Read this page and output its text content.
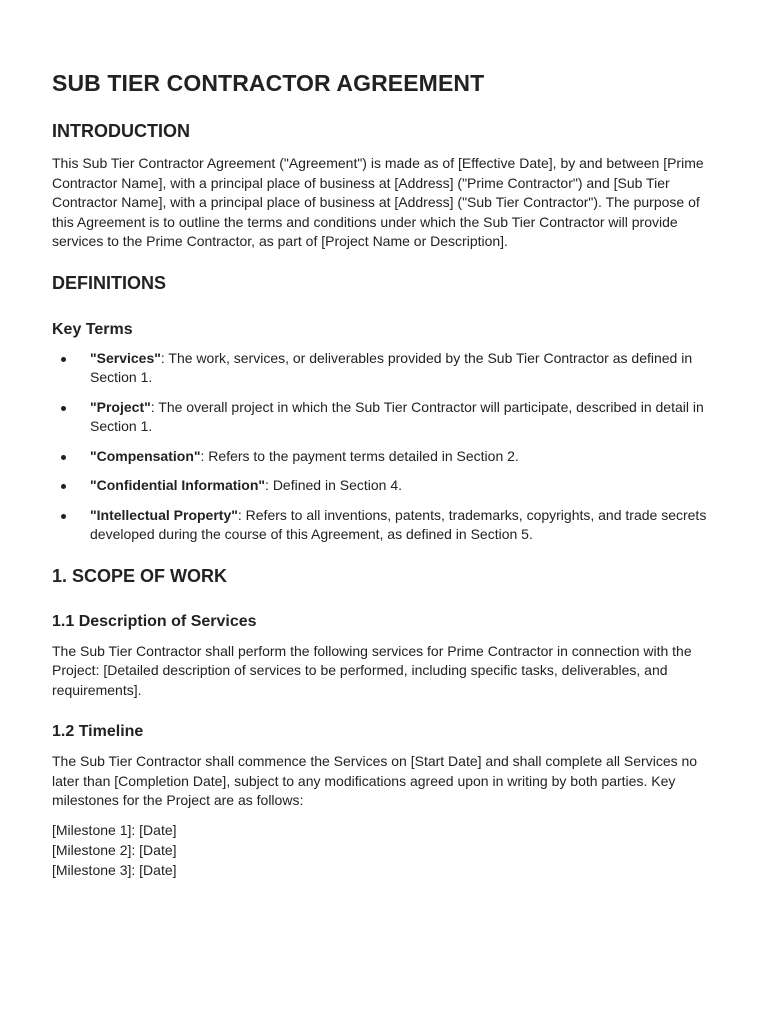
SUB TIER CONTRACTOR AGREEMENT
INTRODUCTION

This Sub Tier Contractor Agreement ("Agreement") is made as of [Effective Date], by and between [Prime Contractor Name], with a principal place of business at [Address] ("Prime Contractor") and [Sub Tier Contractor Name], with a principal place of business at [Address] ("Sub Tier Contractor"). The purpose of this Agreement is to outline the terms and conditions under which the Sub Tier Contractor will provide services to the Prime Contractor, as part of [Project Name or Description].

DEFINITIONS
Key Terms
"Services": The work, services, or deliverables provided by the Sub Tier Contractor as defined in Section 1.
"Project": The overall project in which the Sub Tier Contractor will participate, described in detail in Section 1.
"Compensation": Refers to the payment terms detailed in Section 2.
"Confidential Information": Defined in Section 4.
"Intellectual Property": Refers to all inventions, patents, trademarks, copyrights, and trade secrets developed during the course of this Agreement, as defined in Section 5.
1. SCOPE OF WORK
1.1 Description of Services

The Sub Tier Contractor shall perform the following services for Prime Contractor in connection with the Project: [Detailed description of services to be performed, including specific tasks, deliverables, and requirements].

1.2 Timeline

The Sub Tier Contractor shall commence the Services on [Start Date] and shall complete all Services no later than [Completion Date], subject to any modifications agreed upon in writing by both parties. Key milestones for the Project are as follows:

[Milestone 1]: [Date]
[Milestone 2]: [Date]
[Milestone 3]: [Date]
